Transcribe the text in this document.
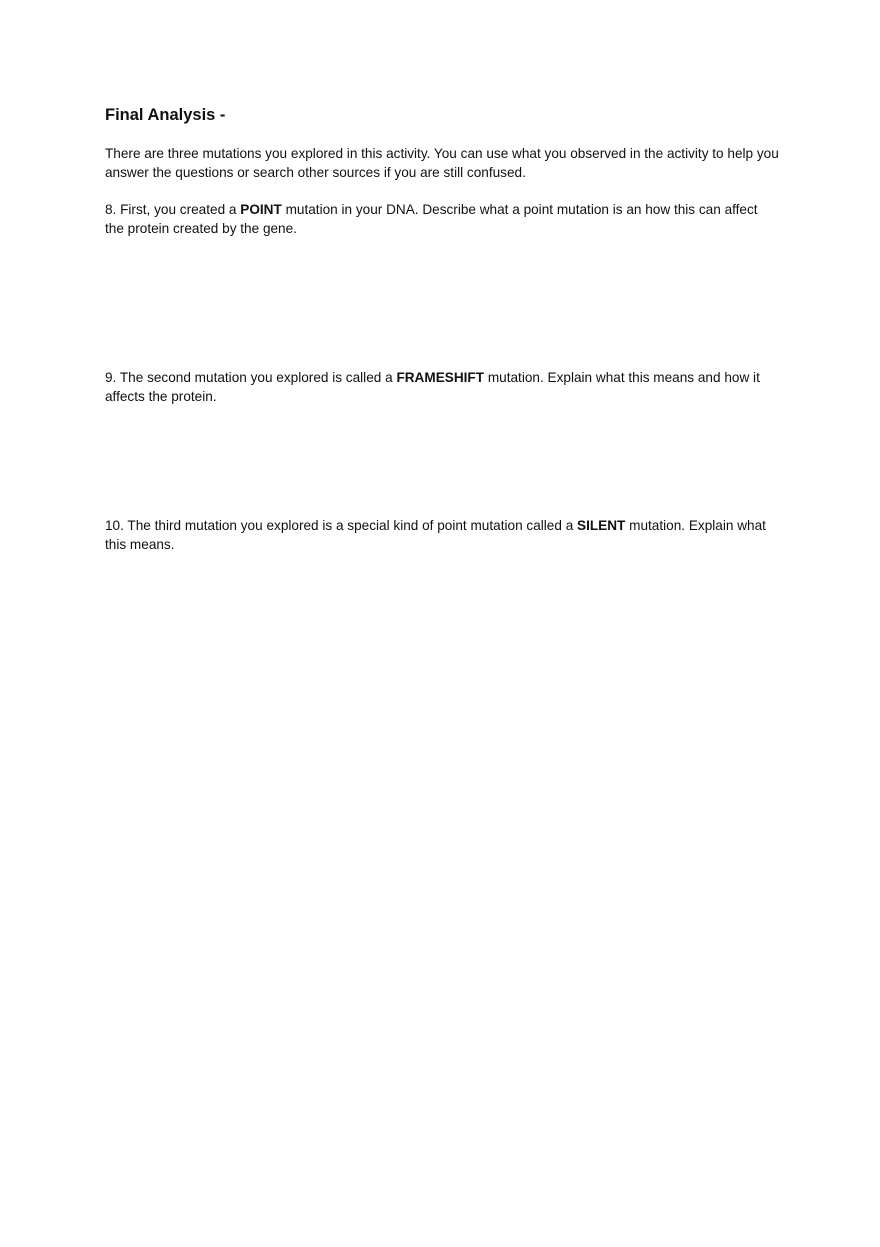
Final Analysis -

There are three mutations you explored in this activity. You can use what you observed in the activity to help you answer the questions or search other sources if you are still confused.

8. First, you created a POINT mutation in your DNA. Describe what a point mutation is an how this can affect the protein created by the gene.

9. The second mutation you explored is called a FRAMESHIFT mutation. Explain what this means and how it affects the protein.

10. The third mutation you explored is a special kind of point mutation called a SILENT mutation. Explain what this means.
